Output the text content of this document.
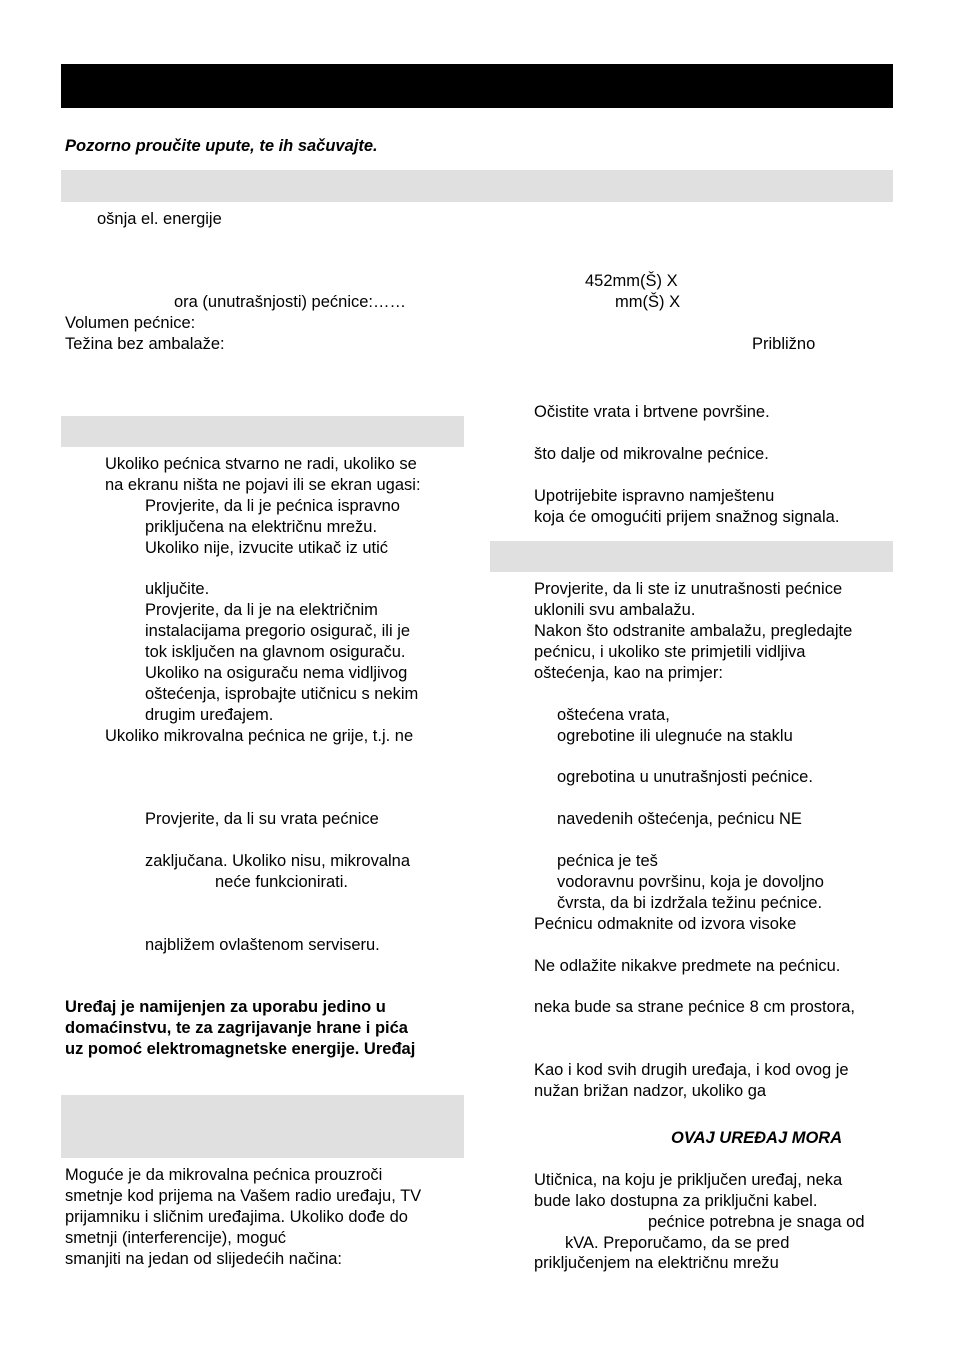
Pozorno proučite upute, te ih sačuvajte.
ošnja el. energije
452mm(Š) X
ora (unutrašnjosti) pećnice:……	mm(Š) X
Volumen pećnice:
Težina bez ambalaže:	Približno
Ukoliko pećnica stvarno ne radi, ukoliko se
na ekranu ništa ne pojavi ili se ekran ugasi:
Provjerite, da li je pećnica ispravno
priključena na električnu mrežu.
Ukoliko nije, izvucite utikač iz utić
uključite.
Provjerite, da li je na električnim
instalacijama pregorio osigurač, ili je
tok isključen na glavnom osiguraču.
Ukoliko na osiguraču nema vidljivog
oštećenja, isprobajte utičnicu s nekim
drugim uređajem.
Ukoliko mikrovalna pećnica ne grije, t.j. ne
Provjerite, da li su vrata pećnice
zaključana. Ukoliko nisu, mikrovalna
neće funkcionirati.
najbližem ovlaštenom serviseru.
Uređaj je namijenjen za uporabu jedino u
domaćinstvu, te za zagrijavanje hrane i pića
uz pomoć elektromagnetske energije. Uređaj
Moguće je da mikrovalna pećnica prouzroči
smetnje kod prijema na Vašem radio uređaju, TV
prijamniku i sličnim uređajima. Ukoliko dođe do
smetnji (interferencije), moguć
smanjiti na jedan od slijedećih načina:
Očistite vrata i brtvene površine.
što dalje od mikrovalne pećnice.
Upotrijebite ispravno namještenu
koja će omogućiti prijem snažnog signala.
Provjerite, da li ste iz unutrašnosti pećnice
uklonili svu ambalažu.
Nakon što odstranite ambalažu, pregledajte
pećnicu, i ukoliko ste primjetili vidljiva
oštećenja, kao na primjer:
oštećena vrata,
ogrebotine ili ulegnuće na staklu
ogrebotina u unutrašnjosti pećnice.
navedenih oštećenja, pećnicu NE
pećnica je teš
vodoravnu površinu, koja je dovoljno
čvrsta, da bi izdržala težinu pećnice.
Pećnicu odmaknite od izvora visoke
Ne odlažite nikakve predmete na pećnicu.
neka bude sa strane pećnice 8 cm prostora,
Kao i kod svih drugih uređaja, i kod ovog je
nužan brižan nadzor, ukoliko ga
OVAJ UREĐAJ MORA
Utičnica, na koju je priključen uređaj, neka
bude lako dostupna za priključni kabel.
pećnice potrebna je snaga od
kVA. Preporučamo, da se pred
priključenjem na električnu mrežu
